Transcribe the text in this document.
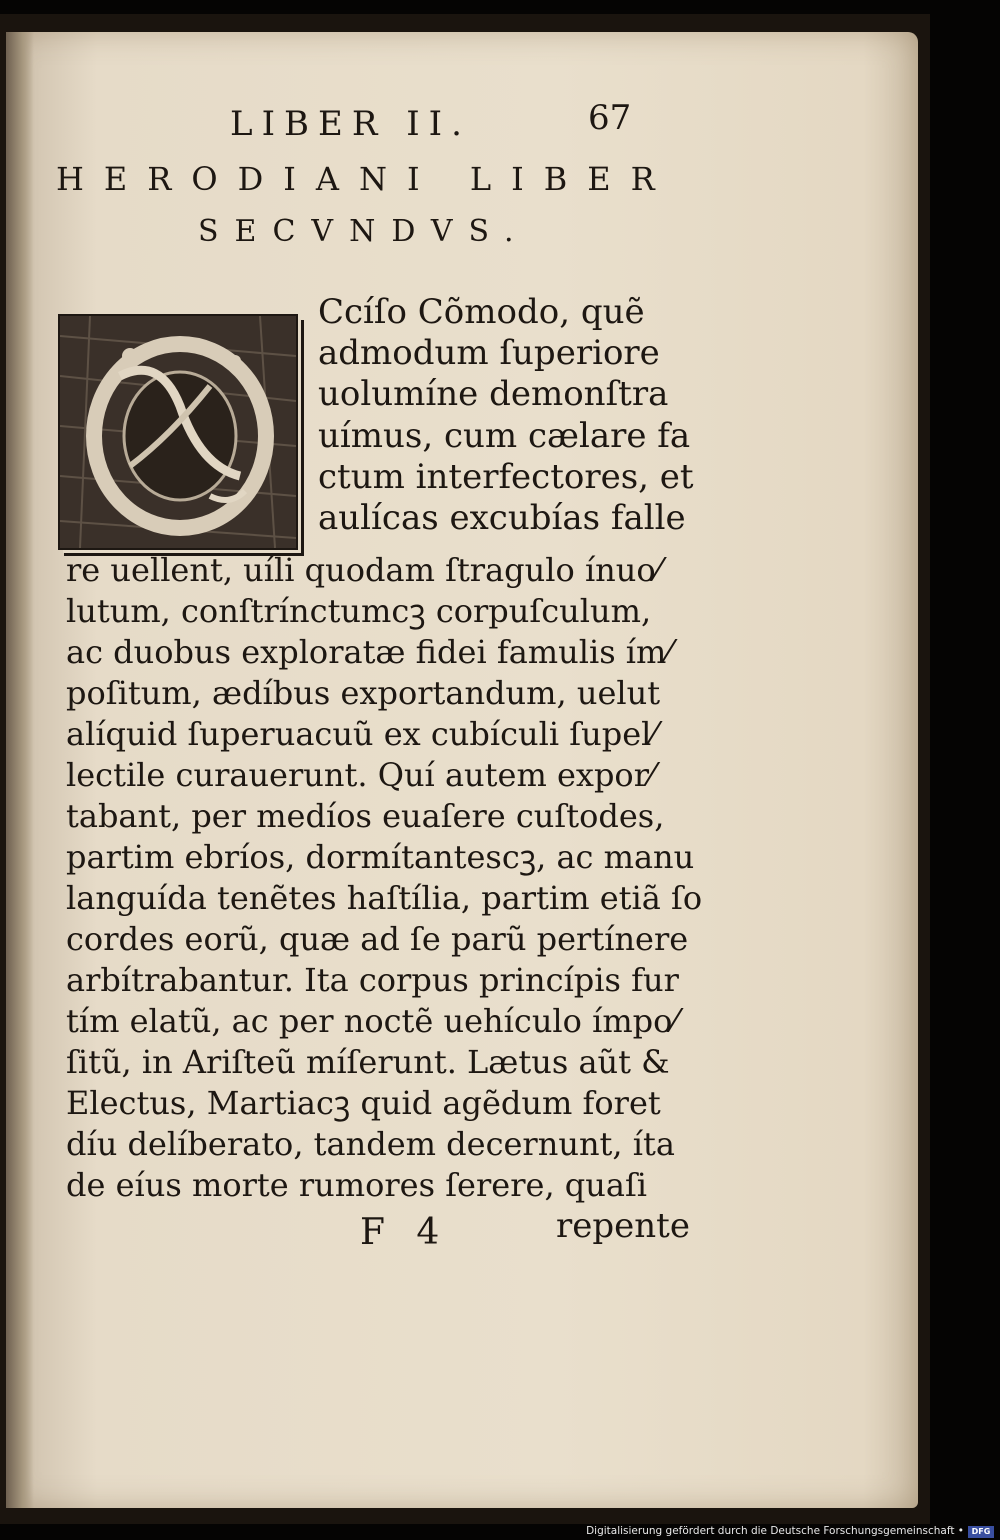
LIBER II.	67
HERODIANI LIBER
SECVNDVS.
Ccíſo Cõmodo, quẽ
admodum ſuperiore
uolumíne demonſtra
uímus, cum cælare fa
ctum interfectores, et
aulícas excubías falle
re uellent, uíli quodam ſtragulo ínuo⁄
lutum, conſtrínctumcꝫ corpuſculum,
ac duobus exploratæ fidei famulis ím⁄
poſitum, ædíbus exportandum, uelut
alíquid ſuperuacuũ ex cubículi ſupel⁄
lectile curauerunt. Quí autem expor⁄
tabant, per medíos euaſere cuſtodes,
partim ebríos, dormítantescꝫ, ac manu
languída tenẽtes haſtília, partim etiã ſo
cordes eorũ, quæ ad ſe parũ pertínere
arbítrabantur. Ita corpus princípis fur
tím elatũ, ac per noctẽ uehículo ímpo⁄
ſitũ, in Ariſteũ míſerunt. Lætus aũt &
Electus, Martiacꝫ quid agẽdum foret
díu delíberato, tandem decernunt, íta
de eíus morte rumores ſerere, quaſi
F 4	repente
Digitalisierung gefördert durch die Deutsche Forschungsgemeinschaft • DFG
